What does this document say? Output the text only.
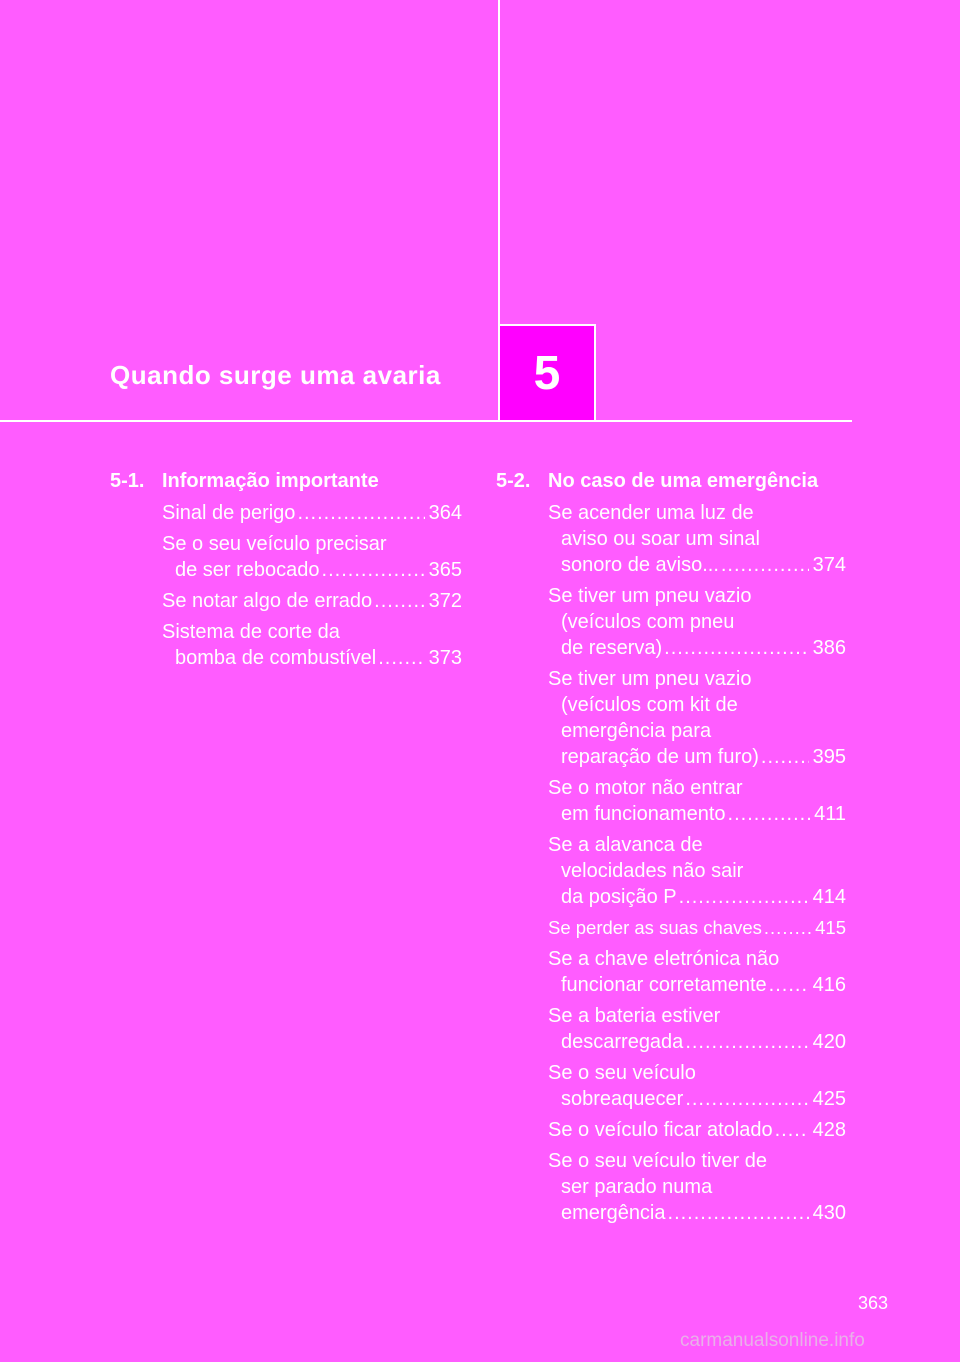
Quando surge uma avaria 5
5-1. Informação importante
Sinal de perigo .....	364
Se o seu veículo precisar
de ser rebocado .....	365
Se notar algo de errado .....	372
Sistema de corte da
bomba de combustível .....	373
5-2. No caso de uma emergência
Se acender uma luz de
aviso ou soar um sinal
sonoro de aviso... .....	374
Se tiver um pneu vazio
(veículos com pneu
de reserva) .....	386
Se tiver um pneu vazio
(veículos com kit de
emergência para
reparação de um furo) .....	395
Se o motor não entrar
em funcionamento .....	411
Se a alavanca de
velocidades não sair
da posição P .....	414
Se perder as suas chaves .....	415
Se a chave eletrónica não
funcionar corretamente ..... 416
Se a bateria estiver
descarregada .....	420
Se o seu veículo
sobreaquecer .....	425
Se o veículo ficar atolado ..... 428
Se o seu veículo tiver de
ser parado numa
emergência .....	430
363
carmanualsonline.info
